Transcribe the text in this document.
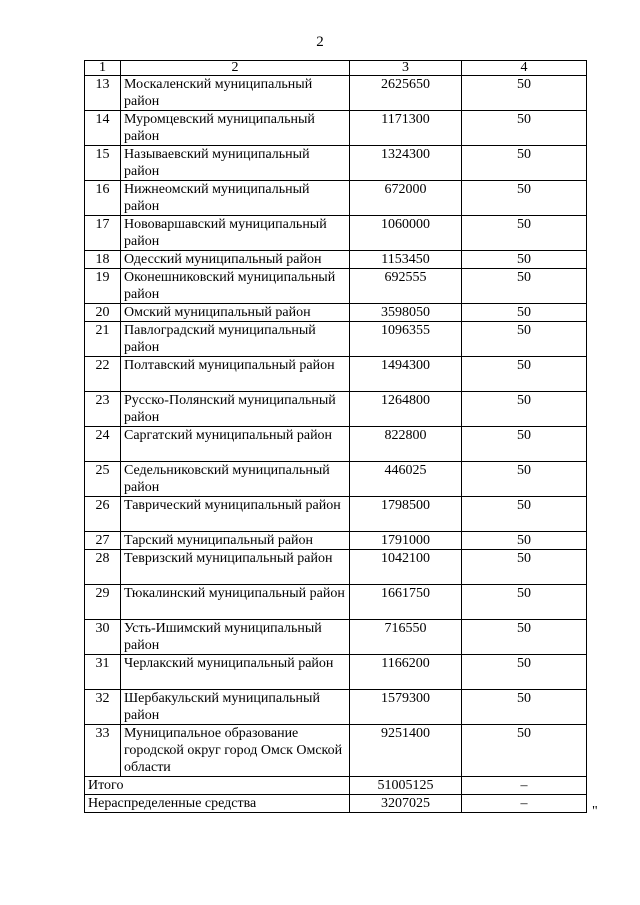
2
1	2	3	4
13	Москаленский муниципальный район	2625650	50
14	Муромцевский муниципальный район	1171300	50
15	Называевский муниципальный район	1324300	50
16	Нижнеомский муниципальный район	672000	50
17	Нововаршавский муниципальный район	1060000	50
18	Одесский муниципальный район	1153450	50
19	Оконешниковский муниципальный район	692555	50
20	Омский муниципальный район	3598050	50
21	Павлоградский муниципальный район	1096355	50
22	Полтавский муниципальный район	1494300	50
23	Русско-Полянский муниципальный район	1264800	50
24	Саргатский муниципальный район	822800	50
25	Седельниковский муниципальный район	446025	50
26	Таврический муниципальный район	1798500	50
27	Тарский муниципальный район	1791000	50
28	Тевризский муниципальный район	1042100	50
29	Тюкалинский муниципальный район	1661750	50
30	Усть-Ишимский муниципальный район	716550	50
31	Черлакский муниципальный район	1166200	50
32	Шербакульский муниципальный район	1579300	50
33	Муниципальное образование городской округ город Омск Омской области	9251400	50
Итого		51005125	–
Нераспределенные средства		3207025	–
"
